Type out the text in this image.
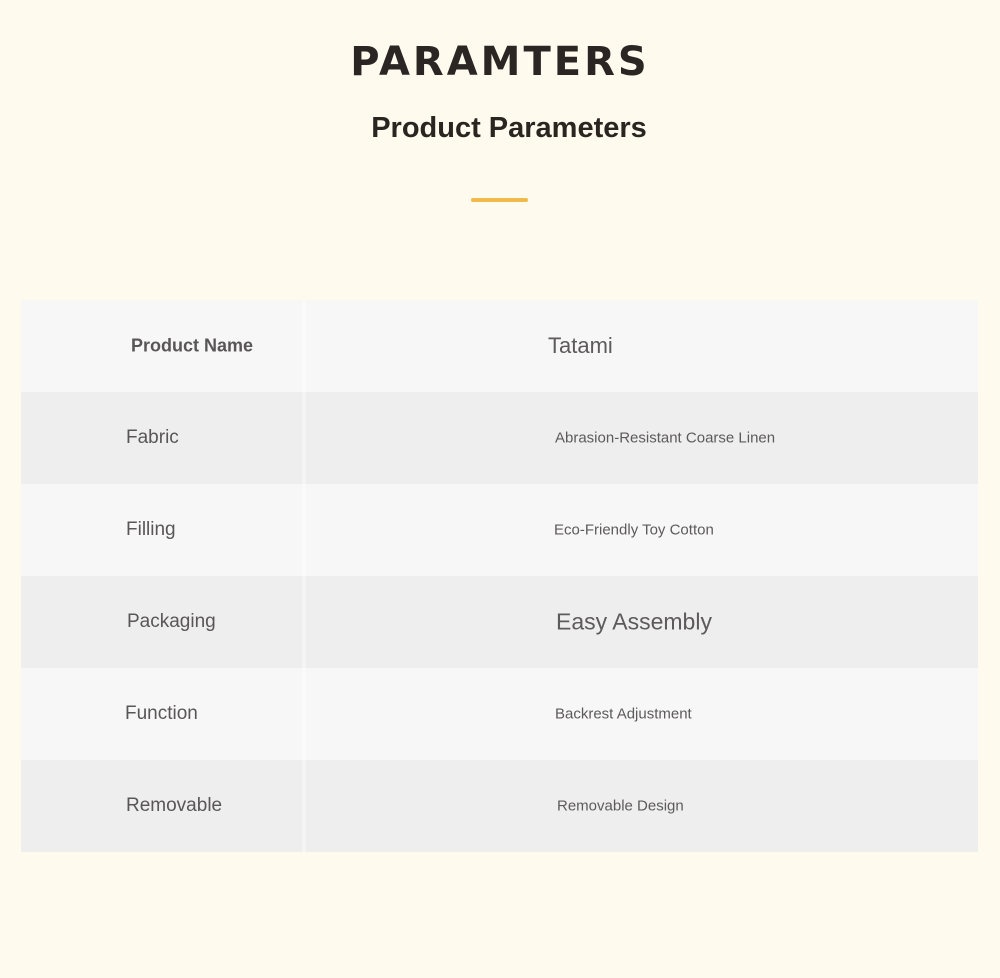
PARAMTERS
Product Parameters
Product Name	Tatami
Fabric	Abrasion-Resistant Coarse Linen
Filling	Eco-Friendly Toy Cotton
Packaging	Easy Assembly
Function	Backrest Adjustment
Removable	Removable Design
